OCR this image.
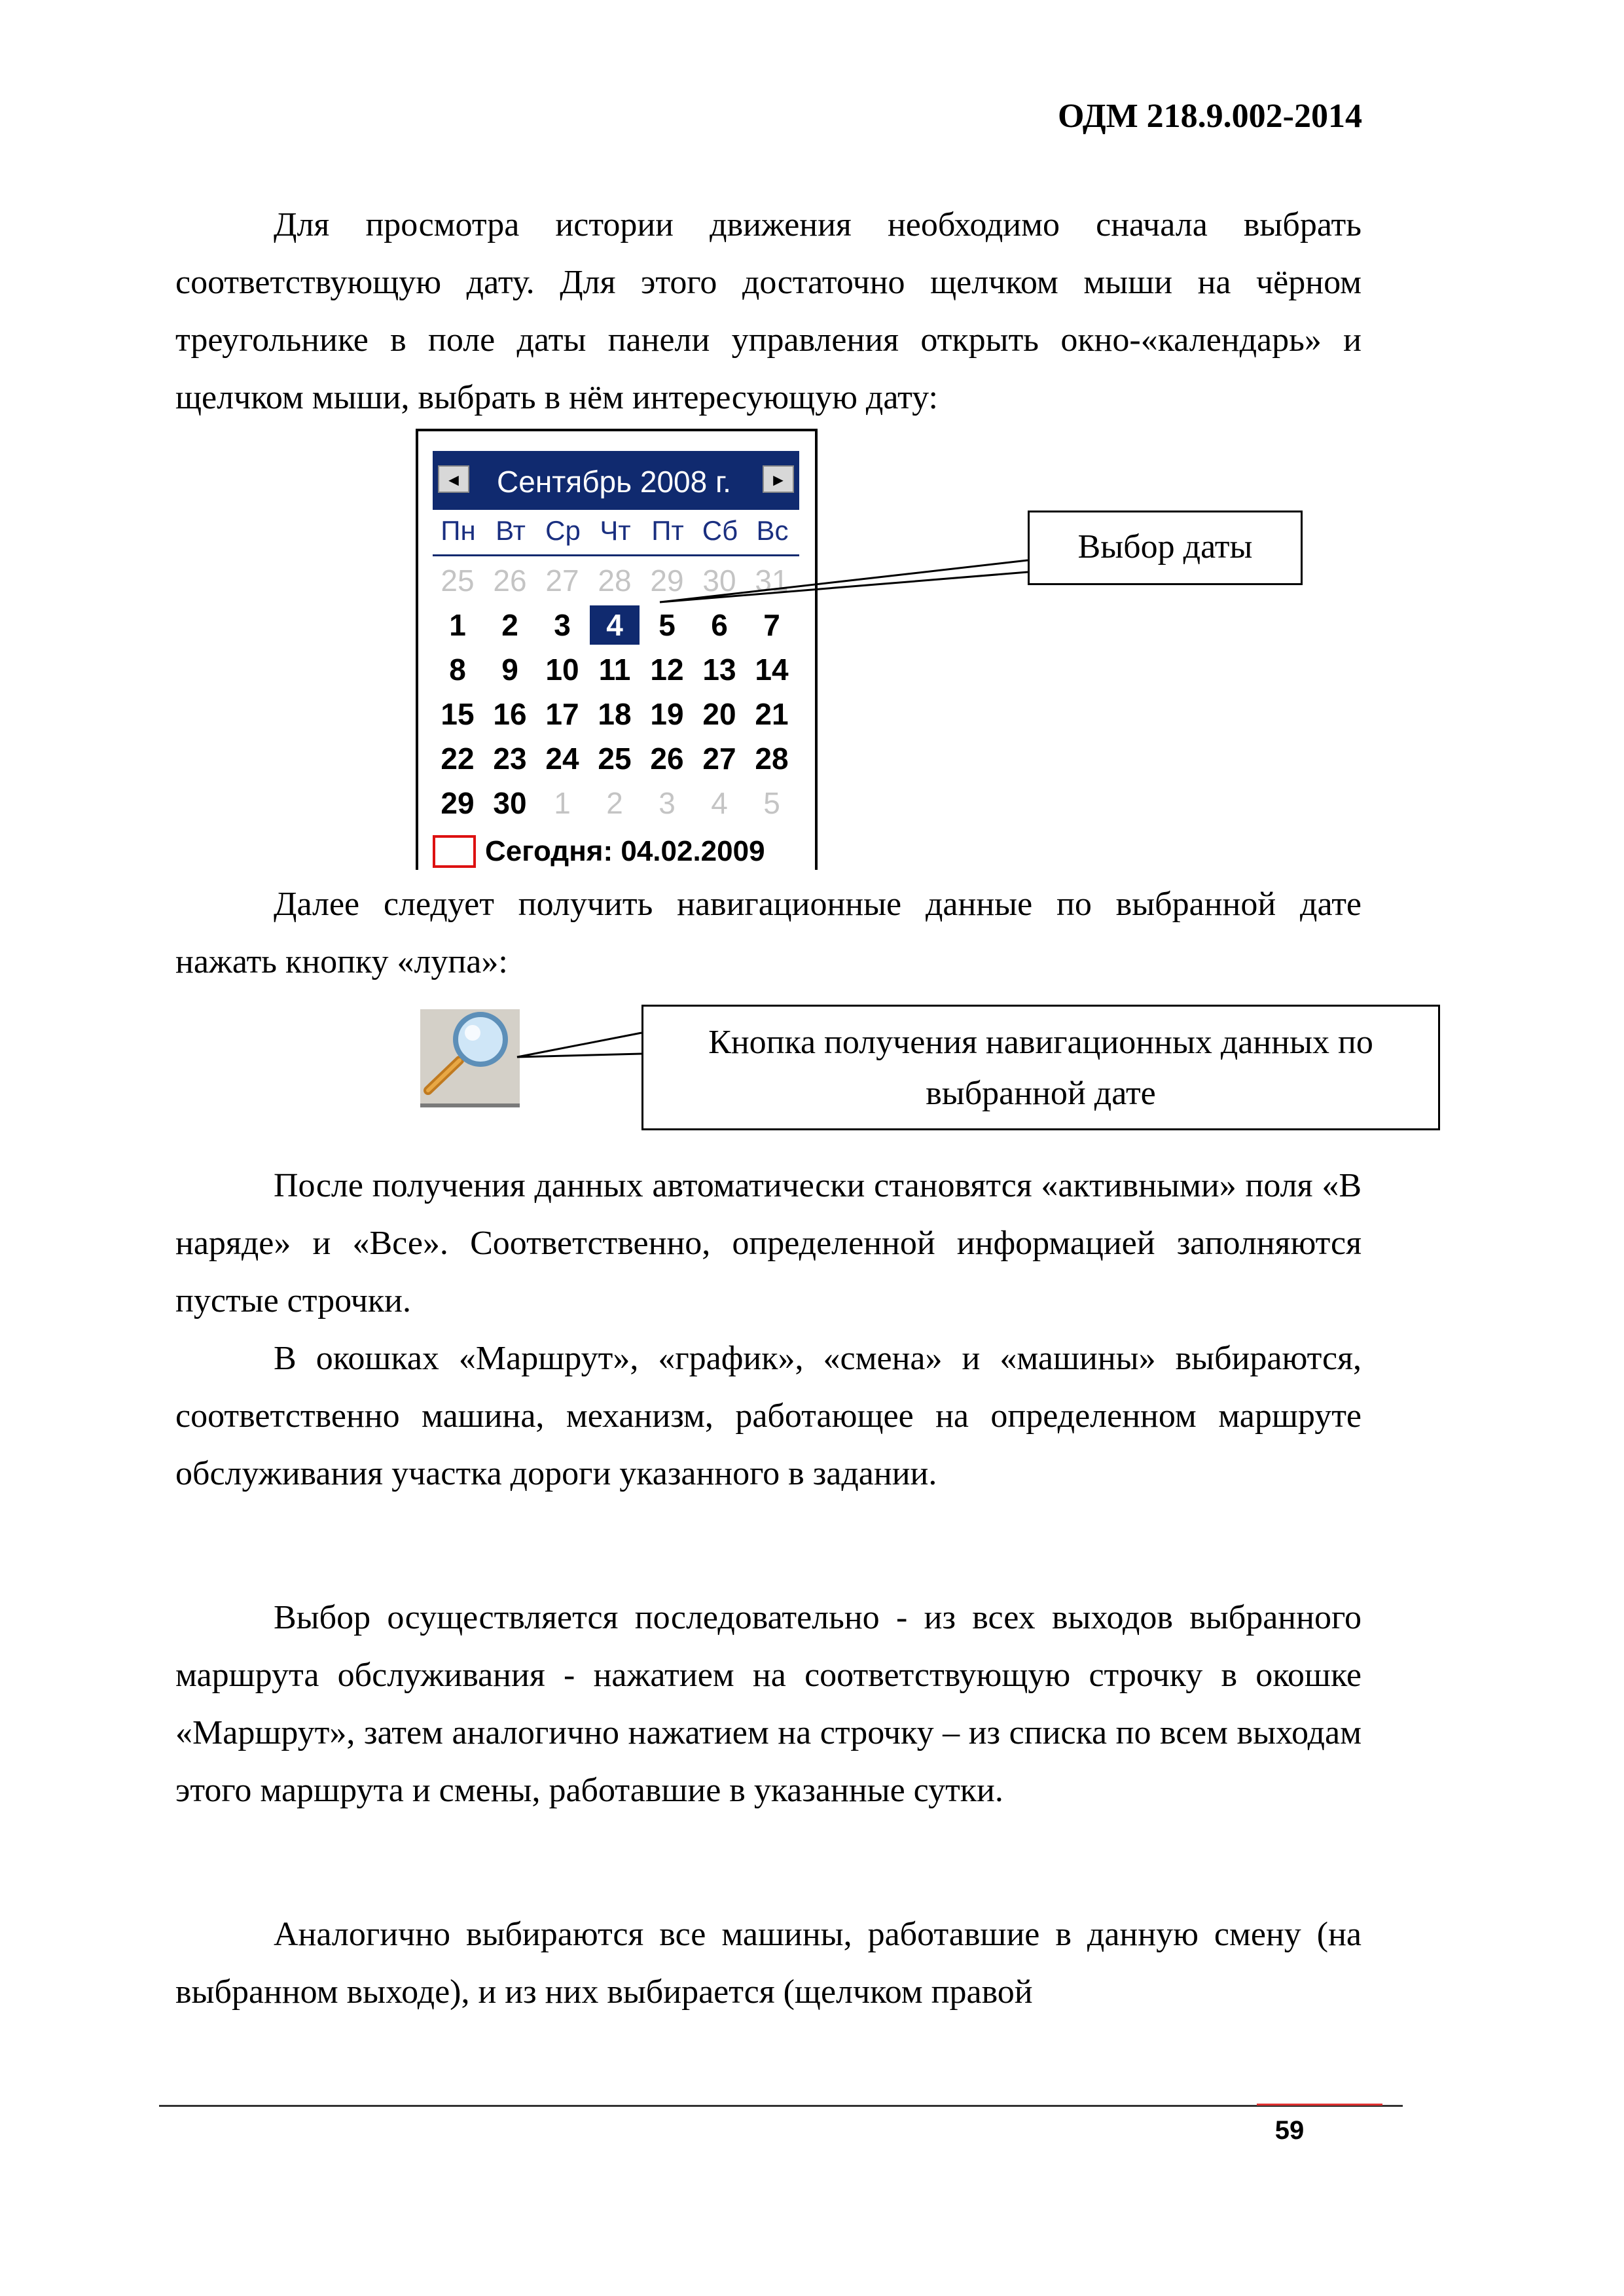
ОДМ 218.9.002-2014
Для просмотра истории движения необходимо сначала выбрать соответствующую дату. Для этого достаточно щелчком мыши на чёрном треугольнике в поле даты панели управления открыть окно-«календарь» и щелчком мыши, выбрать в нём интересующую дату:
◄	Сентябрь 2008 г.	►
Пн Вт Ср Чт Пт Сб Вс
25 26 27 28 29 30 31
1	2	3	4	5	6	7
8	9 10 11 12 13 14
15 16 17 18 19 20 21
22 23 24 25 26 27 28
29 30 1	2	3	4	5
Сегодня: 04.02.2009
Выбор даты
Далее следует получить навигационные данные по выбранной дате нажать кнопку «лупа»:
Кнопка получения навигационных данных по выбранной дате
После получения данных автоматически становятся «активными» поля «В наряде» и «Все». Соответственно, определенной информацией заполняются пустые строчки.
В окошках «Маршрут», «график», «смена» и «машины» выбираются, соответственно машина, механизм, работающее на определенном маршруте обслуживания участка дороги указанного в задании.
Выбор осуществляется последовательно - из всех выходов выбранного маршрута обслуживания - нажатием на соответствующую строчку в окошке «Маршрут», затем аналогично нажатием на строчку – из списка по всем выходам этого маршрута и смены, работавшие в указанные сутки.
Аналогично выбираются все машины, работавшие в данную смену (на выбранном выходе), и из них выбирается (щелчком правой
59
